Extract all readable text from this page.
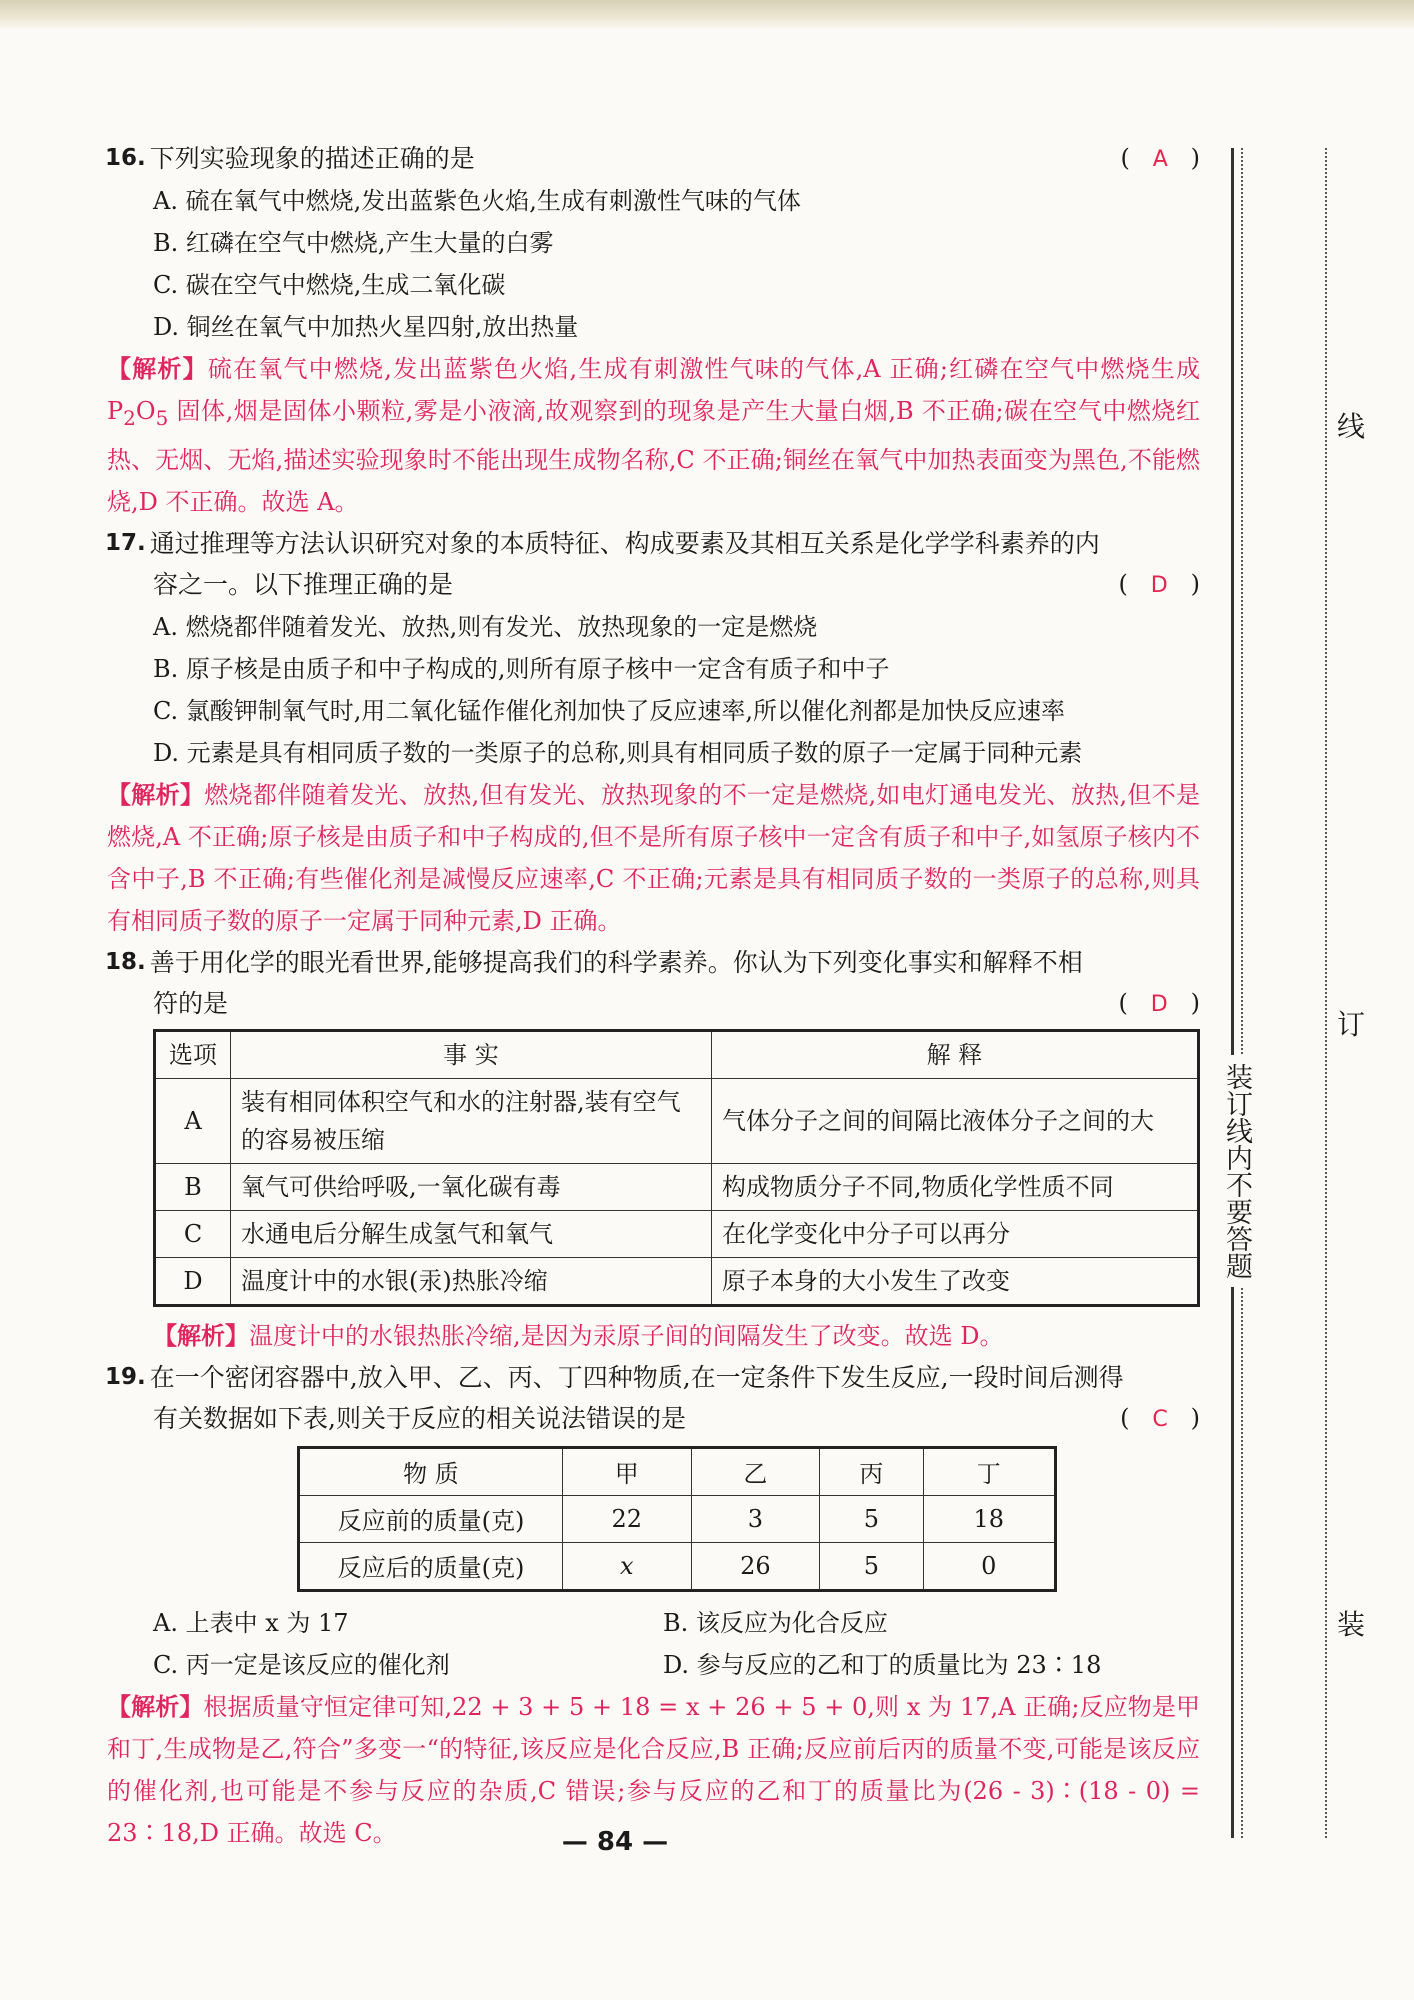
16. 下列实验现象的描述正确的是	(   A   )
A. 硫在氧气中燃烧,发出蓝紫色火焰,生成有刺激性气味的气体
B. 红磷在空气中燃烧,产生大量的白雾
C. 碳在空气中燃烧,生成二氧化碳
D. 铜丝在氧气中加热火星四射,放出热量
【解析】硫在氧气中燃烧,发出蓝紫色火焰,生成有刺激性气味的气体,A 正确;红磷在空气中燃烧生成 $P_2O_5$ 固体,烟是固体小颗粒,雾是小液滴,故观察到的现象是产生大量白烟,B 不正确;碳在空气中燃烧红热、无烟、无焰,描述实验现象时不能出现生成物名称,C 不正确;铜丝在氧气中加热表面变为黑色,不能燃烧,D 不正确。故选 A。
17. 通过推理等方法认识研究对象的本质特征、构成要素及其相互关系是化学学科素养的内
容之一。以下推理正确的是	(   D   )
A. 燃烧都伴随着发光、放热,则有发光、放热现象的一定是燃烧
B. 原子核是由质子和中子构成的,则所有原子核中一定含有质子和中子
C. 氯酸钾制氧气时,用二氧化锰作催化剂加快了反应速率,所以催化剂都是加快反应速率
D. 元素是具有相同质子数的一类原子的总称,则具有相同质子数的原子一定属于同种元素
【解析】燃烧都伴随着发光、放热,但有发光、放热现象的不一定是燃烧,如电灯通电发光、放热,但不是燃烧,A 不正确;原子核是由质子和中子构成的,但不是所有原子核中一定含有质子和中子,如氢原子核内不含中子,B 不正确;有些催化剂是减慢反应速率,C 不正确;元素是具有相同质子数的一类原子的总称,则具有相同质子数的原子一定属于同种元素,D 正确。
18. 善于用化学的眼光看世界,能够提高我们的科学素养。你认为下列变化事实和解释不相
符的是	(   D   )
选项	事 实	解 释
A	装有相同体积空气和水的注射器,装有空气的容易被压缩	气体分子之间的间隔比液体分子之间的大
B	氧气可供给呼吸,一氧化碳有毒	构成物质分子不同,物质化学性质不同
C	水通电后分解生成氢气和氧气	在化学变化中分子可以再分
D	温度计中的水银(汞)热胀冷缩	原子本身的大小发生了改变
【解析】温度计中的水银热胀冷缩,是因为汞原子间的间隔发生了改变。故选 D。
19. 在一个密闭容器中,放入甲、乙、丙、丁四种物质,在一定条件下发生反应,一段时间后测得
有关数据如下表,则关于反应的相关说法错误的是	(   C   )
物 质	甲	乙	丙	丁
反应前的质量(克)	22	3	5	18
反应后的质量(克)	x	26	5	0
A. 上表中 x 为 17	B. 该反应为化合反应
C. 丙一定是该反应的催化剂	D. 参与反应的乙和丁的质量比为 23∶18
【解析】根据质量守恒定律可知,22 + 3 + 5 + 18 = x + 26 + 5 + 0,则 x 为 17,A 正确;反应物是甲和丁,生成物是乙,符合”多变一“的特征,该反应是化合反应,B 正确;反应前后丙的质量不变,可能是该反应的催化剂,也可能是不参与反应的杂质,C 错误;参与反应的乙和丁的质量比为(26 - 3)∶(18 - 0) = 23∶18,D 正确。故选 C。	— 84 —
线
订
装
装订线内不要答题
